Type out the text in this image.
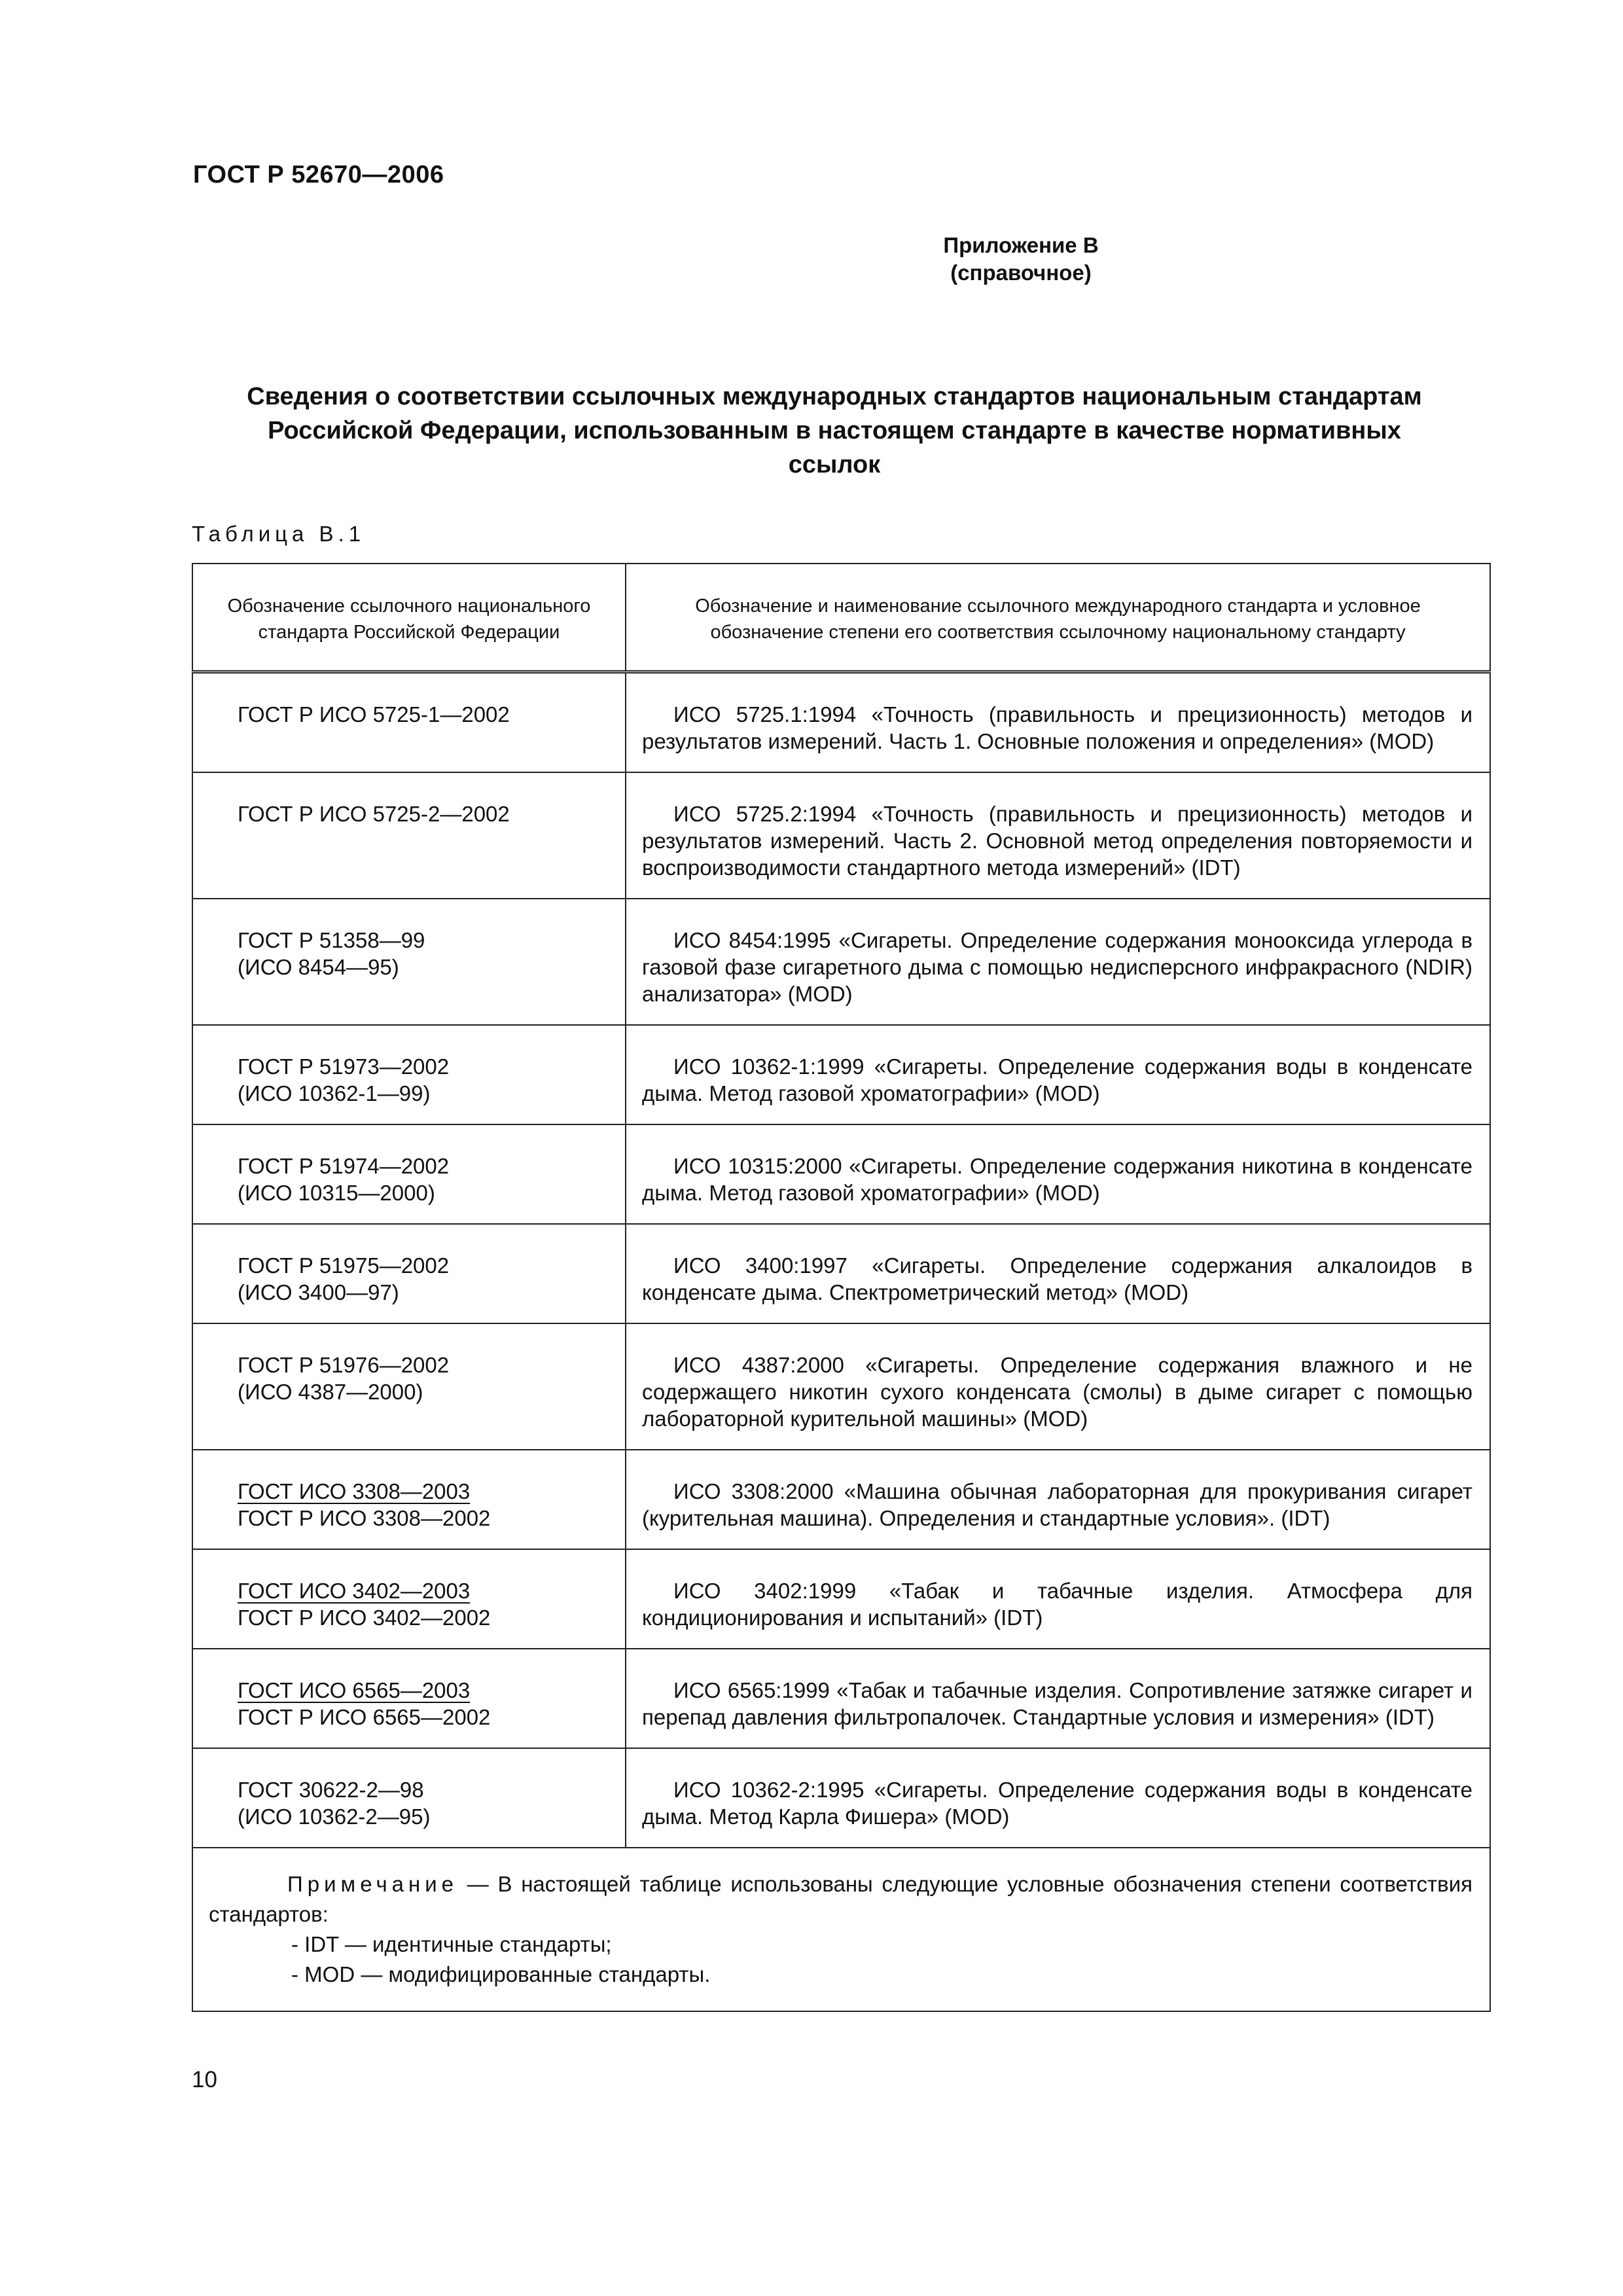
ГОСТ Р 52670—2006
Приложение В
(справочное)
Сведения о соответствии ссылочных международных стандартов национальным стандартам
Российской Федерации, использованным в настоящем стандарте в качестве нормативных
ссылок
Таблица В.1
Обозначение ссылочного национального стандарта Российской Федерации	Обозначение и наименование ссылочного международного стандарта и условное обозначение степени его соответствия ссылочному национальному стандарту

ГОСТ Р ИСО 5725-1—2002	ИСО 5725.1:1994 «Точность (правильность и прецизионность) методов и результатов измерений. Часть 1. Основные положения и определения» (MOD)

ГОСТ Р ИСО 5725-2—2002	ИСО 5725.2:1994 «Точность (правильность и прецизионность) методов и результатов измерений. Часть 2. Основной метод определения повторяемости и воспроизводимости стандартного метода измерений» (IDT)

ГОСТ Р 51358—99
(ИСО 8454—95)	ИСО 8454:1995 «Сигареты. Определение содержания монооксида углерода в газовой фазе сигаретного дыма с помощью недисперсного инфракрасного (NDIR) анализатора» (MOD)

ГОСТ Р 51973—2002
(ИСО 10362-1—99)	ИСО 10362-1:1999 «Сигареты. Определение содержания воды в конденсате дыма. Метод газовой хроматографии» (MOD)

ГОСТ Р 51974—2002
(ИСО 10315—2000)	ИСО 10315:2000 «Сигареты. Определение содержания никотина в конденсате дыма. Метод газовой хроматографии» (MOD)

ГОСТ Р 51975—2002
(ИСО 3400—97)	ИСО 3400:1997 «Сигареты. Определение содержания алкалоидов в конденсате дыма. Спектрометрический метод» (MOD)

ГОСТ Р 51976—2002
(ИСО 4387—2000)	ИСО 4387:2000 «Сигареты. Определение содержания влажного и не содержащего никотин сухого конденсата (смолы) в дыме сигарет с помощью лабораторной курительной машины» (MOD)

ГОСТ ИСО 3308—2003
ГОСТ Р ИСО 3308—2002	ИСО 3308:2000 «Машина обычная лабораторная для прокуривания сигарет (курительная машина). Определения и стандартные условия». (IDT)

ГОСТ ИСО 3402—2003
ГОСТ Р ИСО 3402—2002	ИСО 3402:1999 «Табак и табачные изделия. Атмосфера для кондиционирования и испытаний» (IDT)

ГОСТ ИСО 6565—2003
ГОСТ Р ИСО 6565—2002	ИСО 6565:1999 «Табак и табачные изделия. Сопротивление затяжке сигарет и перепад давления фильтропалочек. Стандартные условия и измерения» (IDT)

ГОСТ 30622-2—98
(ИСО 10362-2—95)	ИСО 10362-2:1995 «Сигареты. Определение содержания воды в конденсате дыма. Метод Карла Фишера» (MOD)

Примечание — В настоящей таблице использованы следующие условные обозначения степени соответствия стандартов:
- IDT — идентичные стандарты;
- MOD — модифицированные стандарты.	
10
